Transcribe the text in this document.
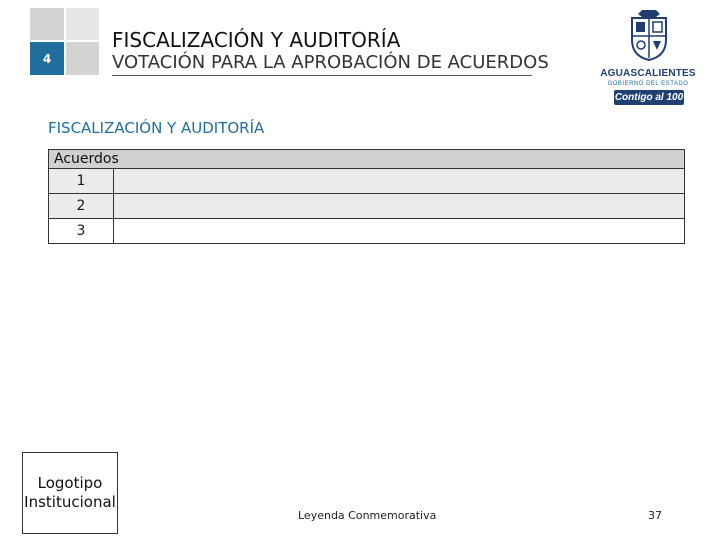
4
FISCALIZACIÓN Y AUDITORÍA
VOTACIÓN PARA LA APROBACIÓN DE ACUERDOS
AGUASCALIENTES
GOBIERNO DEL ESTADO
Contigo al 100
FISCALIZACIÓN Y AUDITORÍA
Acuerdos
1
2
3
Logotipo Institucional
Leyenda Conmemorativa	37
